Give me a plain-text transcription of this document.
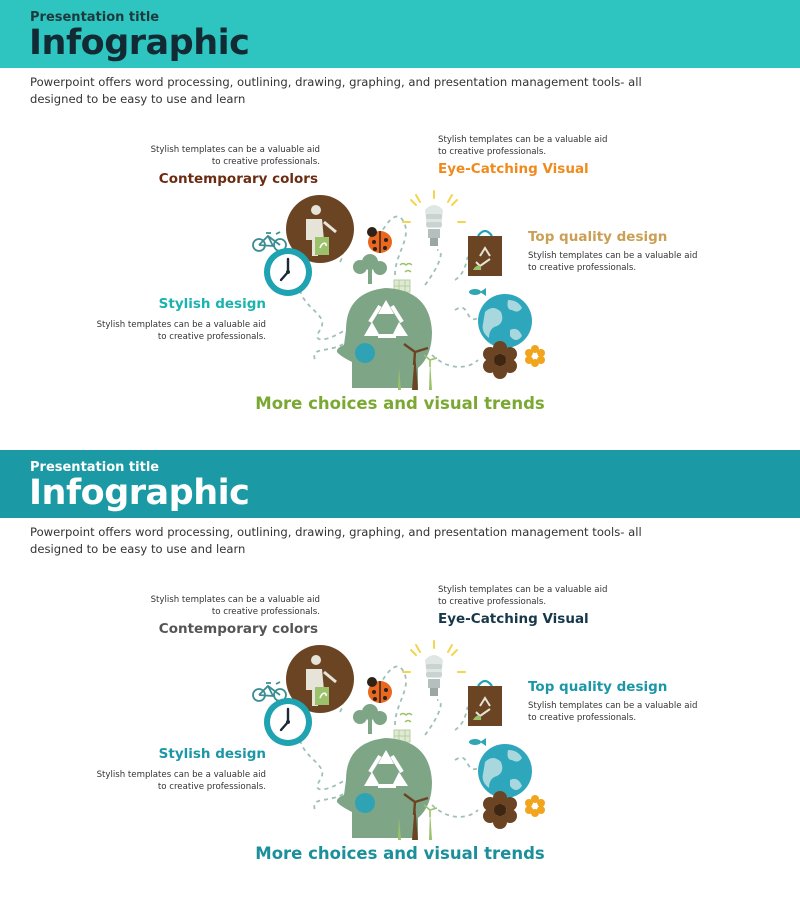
Presentation title
Infographic
Powerpoint offers word processing, outlining, drawing, graphing, and presentation management tools- all designed to be easy to use and learn
Stylish templates can be a valuable aid to creative professionals.
Contemporary colors
Stylish templates can be a valuable aid to creative professionals.
Eye-Catching Visual
Top quality design
Stylish templates can be a valuable aid to creative professionals.
Stylish design
Stylish templates can be a valuable aid to creative professionals.
More choices and visual trends
Presentation title
Infographic
Powerpoint offers word processing, outlining, drawing, graphing, and presentation management tools- all designed to be easy to use and learn
Stylish templates can be a valuable aid to creative professionals.
Contemporary colors
Stylish templates can be a valuable aid to creative professionals.
Eye-Catching Visual
Top quality design
Stylish templates can be a valuable aid to creative professionals.
Stylish design
Stylish templates can be a valuable aid to creative professionals.
More choices and visual trends
